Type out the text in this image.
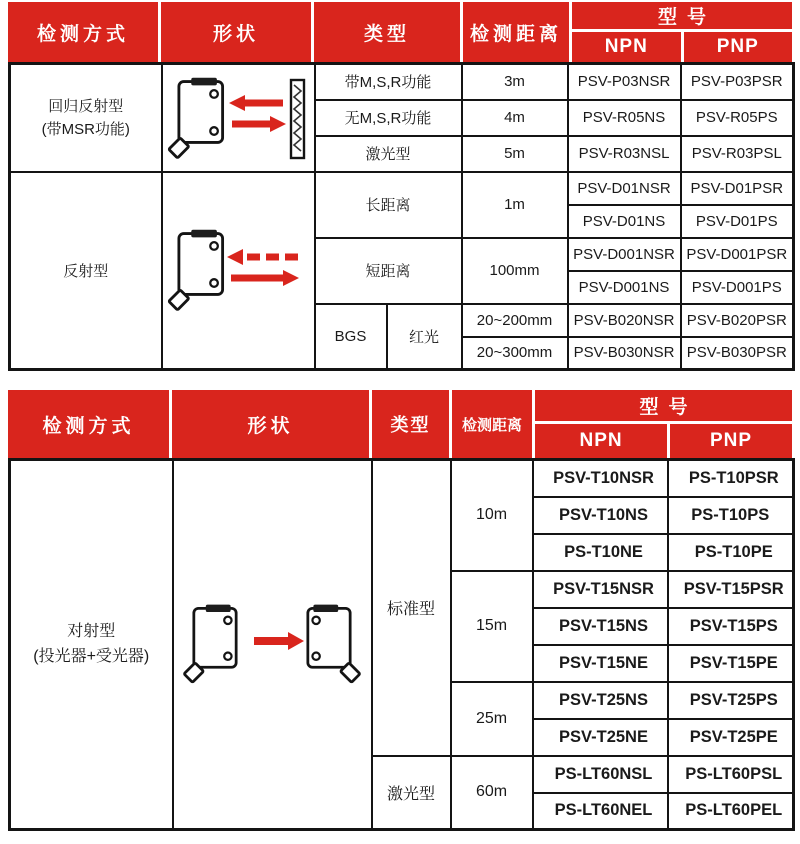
检测方式	形状	类型	检测距离
型号
NPN	PNP
回归反射型
(带MSR功能)		带M,S,R功能		3m	PSV-P03NSR	PSV-P03PSR
		无M,S,R功能		4m	PSV-R05NS	PSV-R05PS
		激光型		5m	PSV-R03NSL	PSV-R03PSL
反射型		长距离		1m	PSV-D01NSR	PSV-D01PSR
					PSV-D01NS	PSV-D01PS
		短距离		100mm	PSV-D001NSR	PSV-D001PSR
					PSV-D001NS	PSV-D001PS
		BGS	红光	20~200mm	PSV-B020NSR	PSV-B020PSR
				20~300mm	PSV-B030NSR	PSV-B030PSR
检测方式	形状	类型 检测距离
型号
NPN	PNP
对射型
(投光器+受光器)		标准型	10m	PSV-T10NSR	PS-T10PSR
				PSV-T10NS	PS-T10PS
				PS-T10NE	PS-T10PE
			15m	PSV-T15NSR	PSV-T15PSR
				PSV-T15NS	PSV-T15PS
				PSV-T15NE	PSV-T15PE
			25m	PSV-T25NS	PSV-T25PS
				PSV-T25NE	PSV-T25PE
		激光型	60m	PS-LT60NSL	PS-LT60PSL
				PS-LT60NEL	PS-LT60PEL
